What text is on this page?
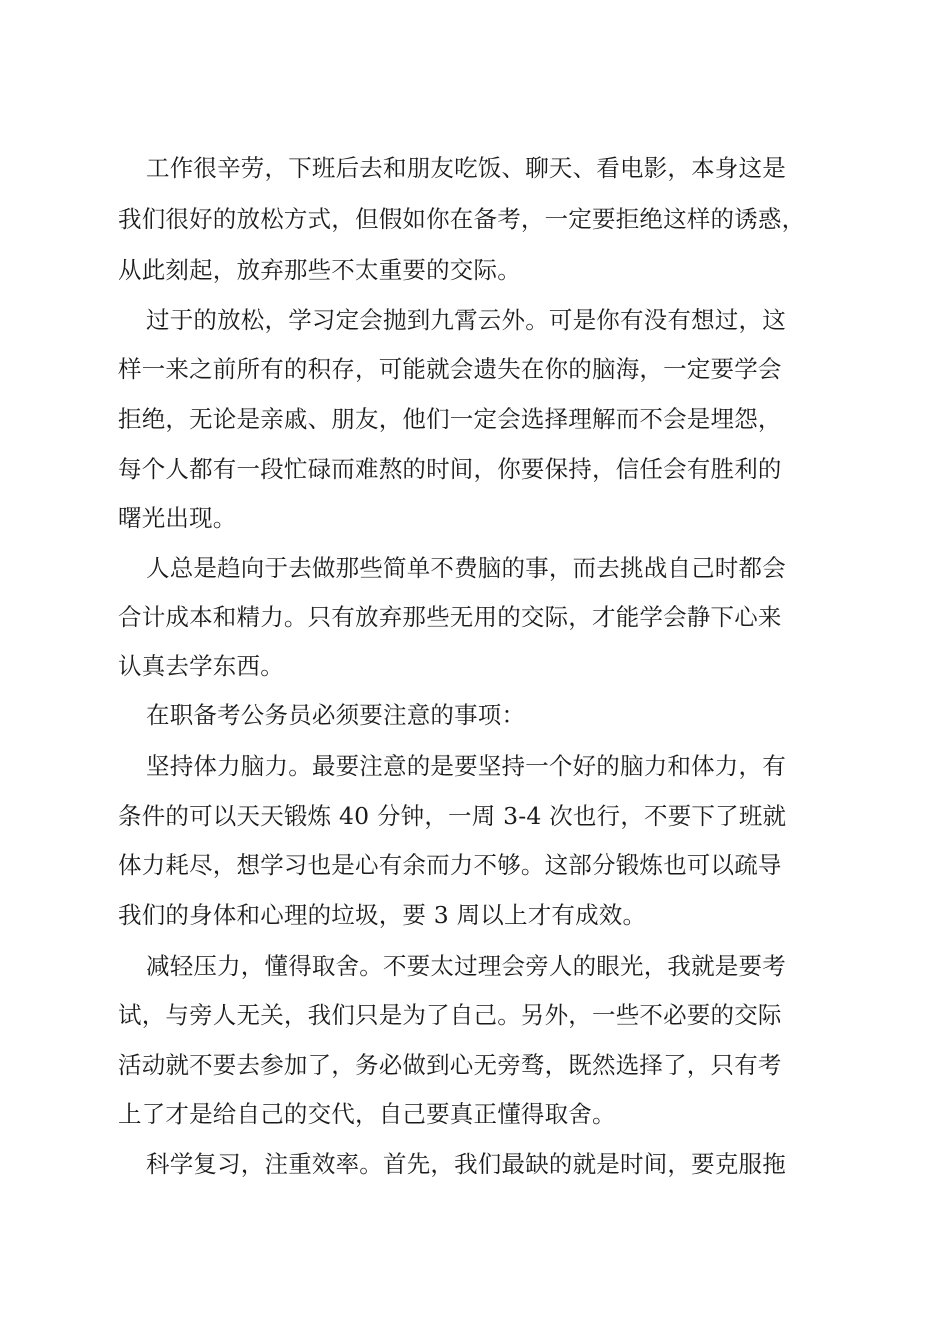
工作很辛劳，下班后去和朋友吃饭、聊天、看电影，本身这是
我们很好的放松方式，但假如你在备考，一定要拒绝这样的诱惑，
从此刻起，放弃那些不太重要的交际。
过于的放松，学习定会抛到九霄云外。可是你有没有想过，这
样一来之前所有的积存，可能就会遗失在你的脑海，一定要学会
拒绝，无论是亲戚、朋友，他们一定会选择理解而不会是埋怨，
每个人都有一段忙碌而难熬的时间，你要保持，信任会有胜利的
曙光出现。
人总是趋向于去做那些简单不费脑的事，而去挑战自己时都会
合计成本和精力。只有放弃那些无用的交际，才能学会静下心来
认真去学东西。
在职备考公务员必须要注意的事项：
坚持体力脑力。最要注意的是要坚持一个好的脑力和体力，有
条件的可以天天锻炼 40 分钟，一周 3-4 次也行，不要下了班就
体力耗尽，想学习也是心有余而力不够。这部分锻炼也可以疏导
我们的身体和心理的垃圾，要 3 周以上才有成效。
减轻压力，懂得取舍。不要太过理会旁人的眼光，我就是要考
试，与旁人无关，我们只是为了自己。另外，一些不必要的交际
活动就不要去参加了，务必做到心无旁骛，既然选择了，只有考
上了才是给自己的交代，自己要真正懂得取舍。
科学复习，注重效率。首先，我们最缺的就是时间，要克服拖
